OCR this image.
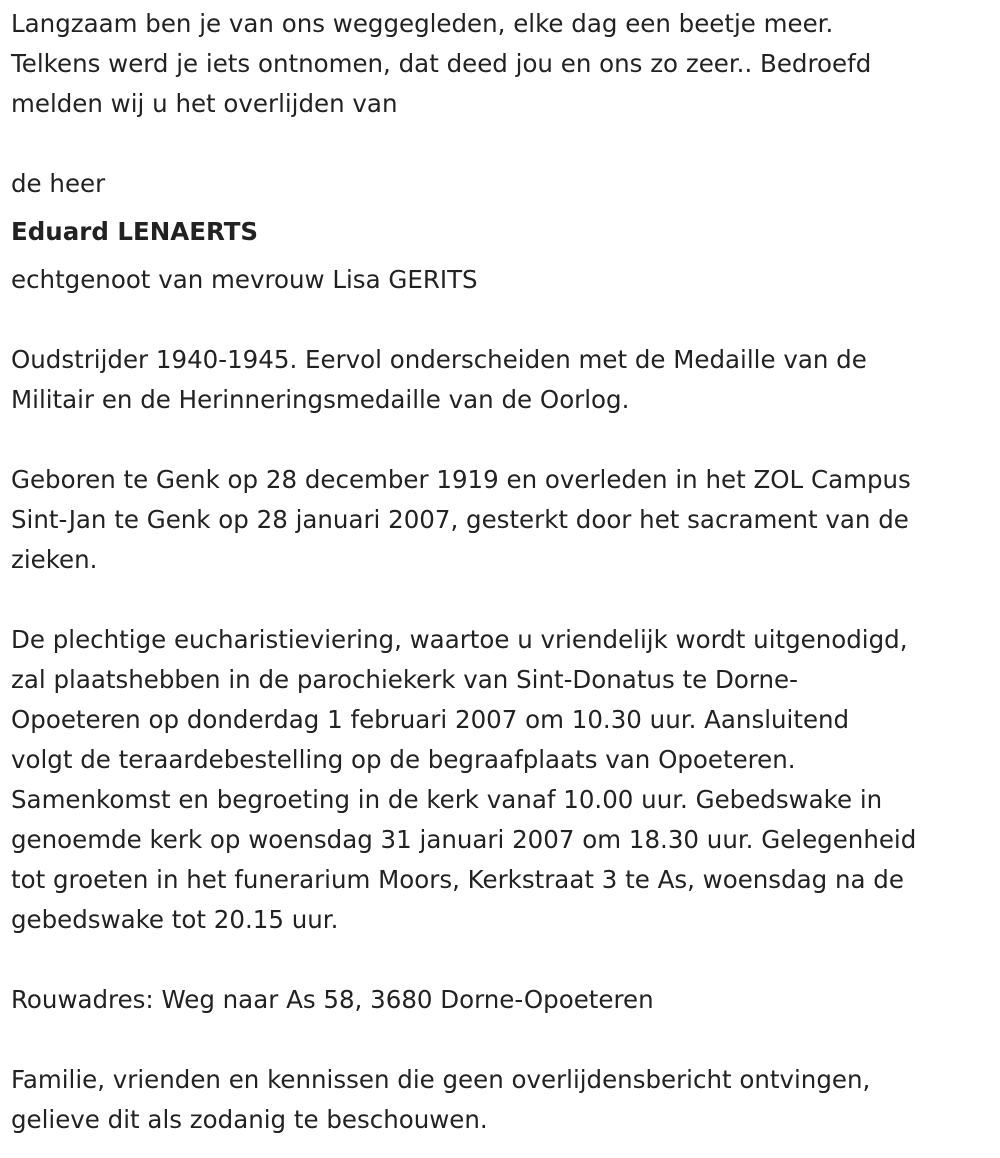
Langzaam ben je van ons weggegleden, elke dag een beetje meer.
Telkens werd je iets ontnomen, dat deed jou en ons zo zeer.. Bedroefd
melden wij u het overlijden van

de heer

Eduard LENAERTS

echtgenoot van mevrouw Lisa GERITS

Oudstrijder 1940-1945. Eervol onderscheiden met de Medaille van de
Militair en de Herinneringsmedaille van de Oorlog.

Geboren te Genk op 28 december 1919 en overleden in het ZOL Campus
Sint-Jan te Genk op 28 januari 2007, gesterkt door het sacrament van de
zieken.

De plechtige eucharistieviering, waartoe u vriendelijk wordt uitgenodigd,
zal plaatshebben in de parochiekerk van Sint-Donatus te Dorne-
Opoeteren op donderdag 1 februari 2007 om 10.30 uur. Aansluitend
volgt de teraardebestelling op de begraafplaats van Opoeteren.
Samenkomst en begroeting in de kerk vanaf 10.00 uur. Gebedswake in
genoemde kerk op woensdag 31 januari 2007 om 18.30 uur. Gelegenheid
tot groeten in het funerarium Moors, Kerkstraat 3 te As, woensdag na de
gebedswake tot 20.15 uur.

Rouwadres: Weg naar As 58, 3680 Dorne-Opoeteren

Familie, vrienden en kennissen die geen overlijdensbericht ontvingen,
gelieve dit als zodanig te beschouwen.
